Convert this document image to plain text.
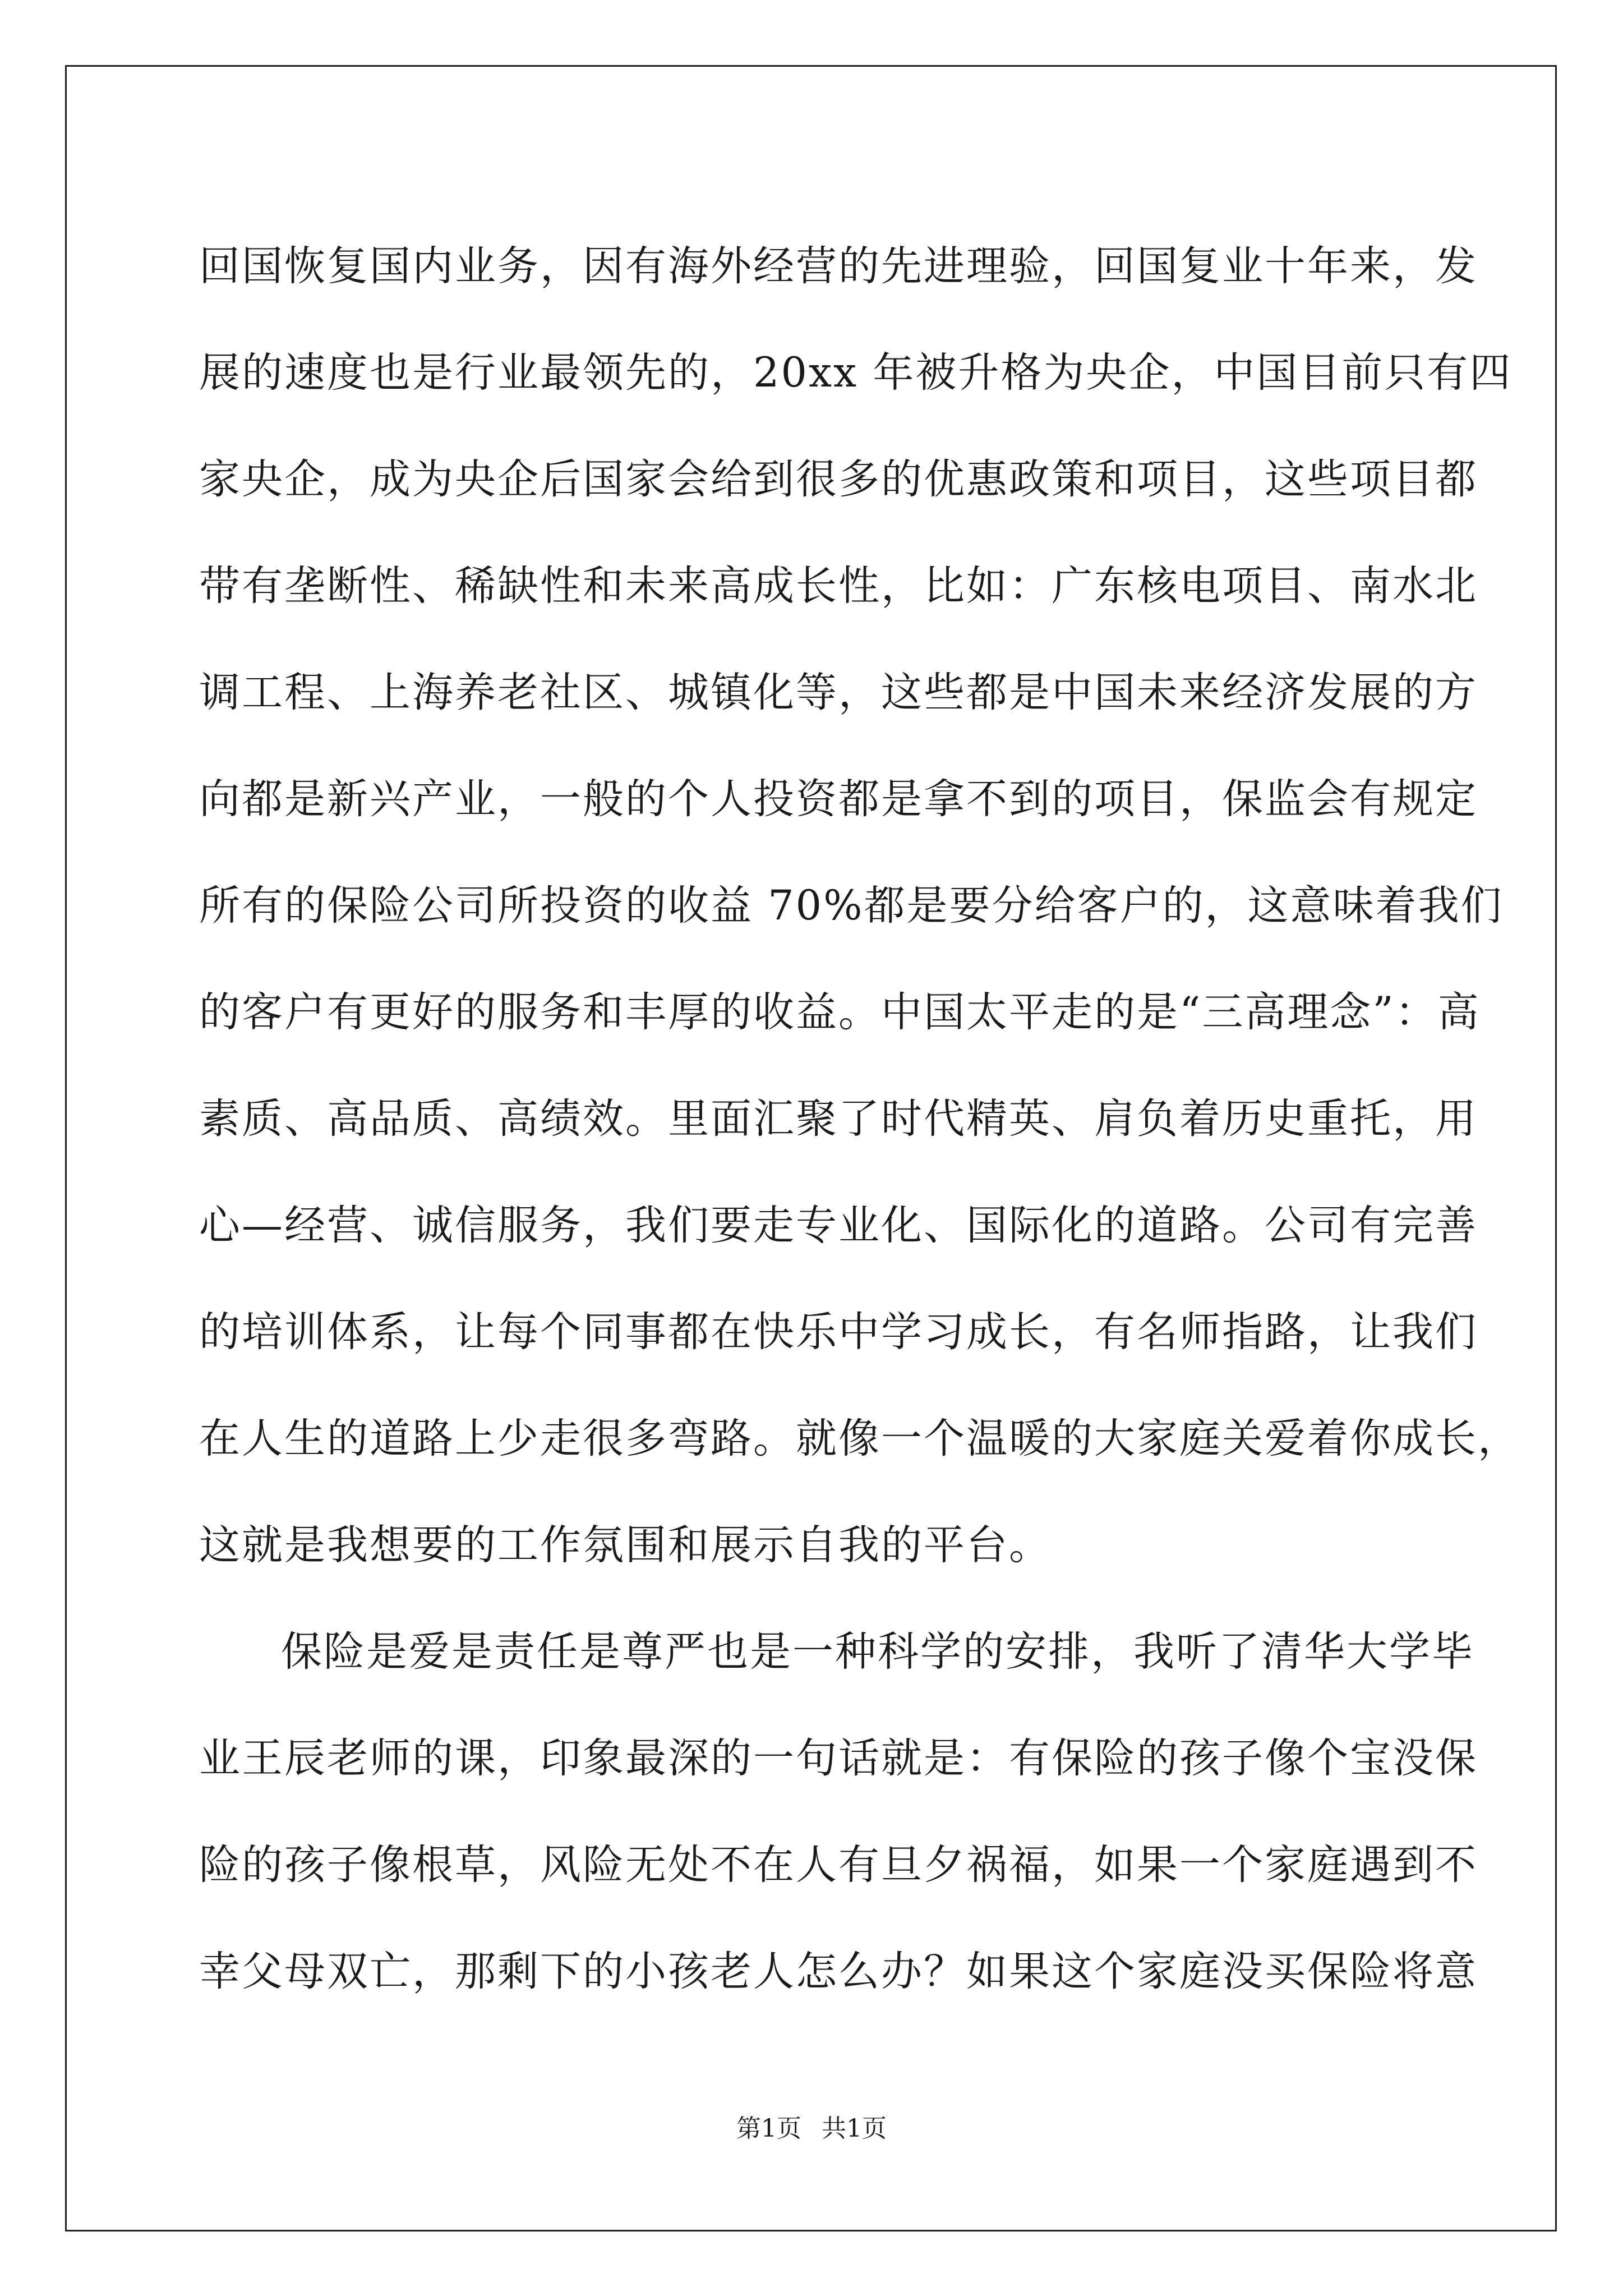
回国恢复国内业务，因有海外经营的先进理验，回国复业十年来，发
展的速度也是行业最领先的，20xx 年被升格为央企，中国目前只有四
家央企，成为央企后国家会给到很多的优惠政策和项目，这些项目都
带有垄断性、稀缺性和未来高成长性，比如：广东核电项目、南水北
调工程、上海养老社区、城镇化等，这些都是中国未来经济发展的方
向都是新兴产业，一般的个人投资都是拿不到的项目，保监会有规定
所有的保险公司所投资的收益 70%都是要分给客户的，这意味着我们
的客户有更好的服务和丰厚的收益。中国太平走的是“三高理念”：高
素质、高品质、高绩效。里面汇聚了时代精英、肩负着历史重托，用
心—经营、诚信服务，我们要走专业化、国际化的道路。公司有完善
的培训体系，让每个同事都在快乐中学习成长，有名师指路，让我们
在人生的道路上少走很多弯路。就像一个温暖的大家庭关爱着你成长，
这就是我想要的工作氛围和展示自我的平台。
保险是爱是责任是尊严也是一种科学的安排，我听了清华大学毕
业王辰老师的课，印象最深的一句话就是：有保险的孩子像个宝没保
险的孩子像根草，风险无处不在人有旦夕祸福，如果一个家庭遇到不
幸父母双亡，那剩下的小孩老人怎么办？如果这个家庭没买保险将意
第1页 共1页
